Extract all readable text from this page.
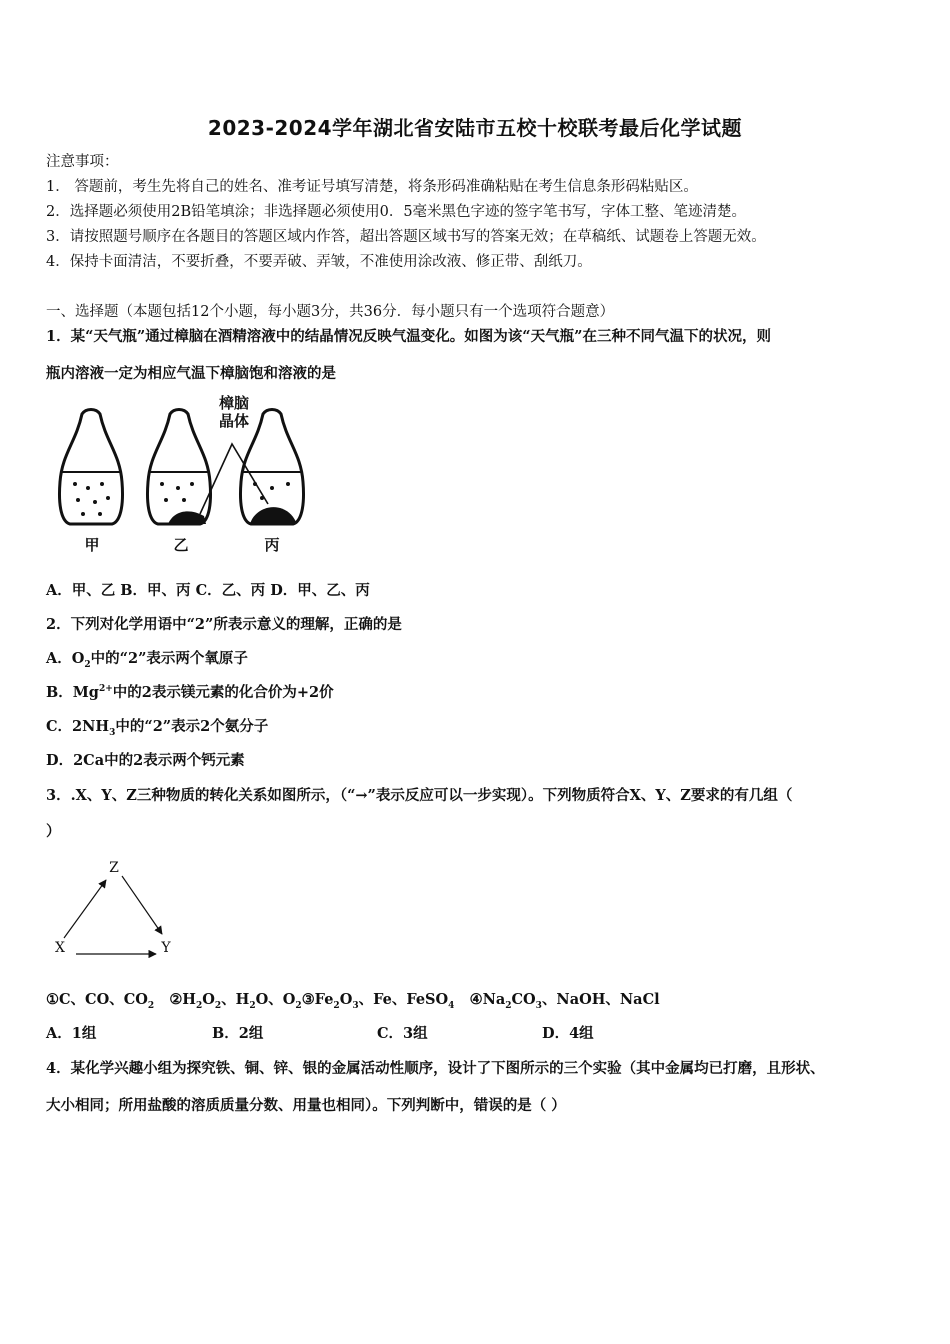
2023-2024学年湖北省安陆市五校十校联考最后化学试题
注意事项：
1． 答题前，考生先将自己的姓名、准考证号填写清楚，将条形码准确粘贴在考生信息条形码粘贴区。
2．选择题必须使用2B铅笔填涂；非选择题必须使用0．5毫米黑色字迹的签字笔书写，字体工整、笔迹清楚。
3．请按照题号顺序在各题目的答题区域内作答，超出答题区域书写的答案无效；在草稿纸、试题卷上答题无效。
4．保持卡面清洁，不要折叠，不要弄破、弄皱，不准使用涂改液、修正带、刮纸刀。
一、选择题（本题包括12个小题，每小题3分，共36分．每小题只有一个选项符合题意）
1．某“天气瓶”通过樟脑在酒精溶液中的结晶情况反映气温变化。如图为该“天气瓶”在三种不同气温下的状况，则
瓶内溶液一定为相应气温下樟脑饱和溶液的是
樟脑
晶体
甲	乙	丙
A．甲、乙 B．甲、丙 C．乙、丙 D．甲、乙、丙
2．下列对化学用语中“2”所表示意义的理解，正确的是
A．$O_2$中的“2”表示两个氧原子
B．$Mg^{2+}$中的2表示镁元素的化合价为+2价
C．$2NH_3$中的“2”表示2个氨分子
D．2Ca中的2表示两个钙元素
3．.X、Y、Z三种物质的转化关系如图所示，（“→”表示反应可以一步实现）。下列物质符合X、Y、Z要求的有几组（
）
Z
X	Y
①C、CO、$CO_2$ $②H_2O_2$、$H_2O$、$O_2③Fe_2O_3$、Fe、FeSO$_4$ $④Na_2CO_3$、NaOH、NaCl
A．1组	B．2组	C．3组	D．4组
4．某化学兴趣小组为探究铁、铜、锌、银的金属活动性顺序，设计了下图所示的三个实验（其中金属均已打磨，且形状、
大小相同；所用盐酸的溶质质量分数、用量也相同）。下列判断中，错误的是（ ）
